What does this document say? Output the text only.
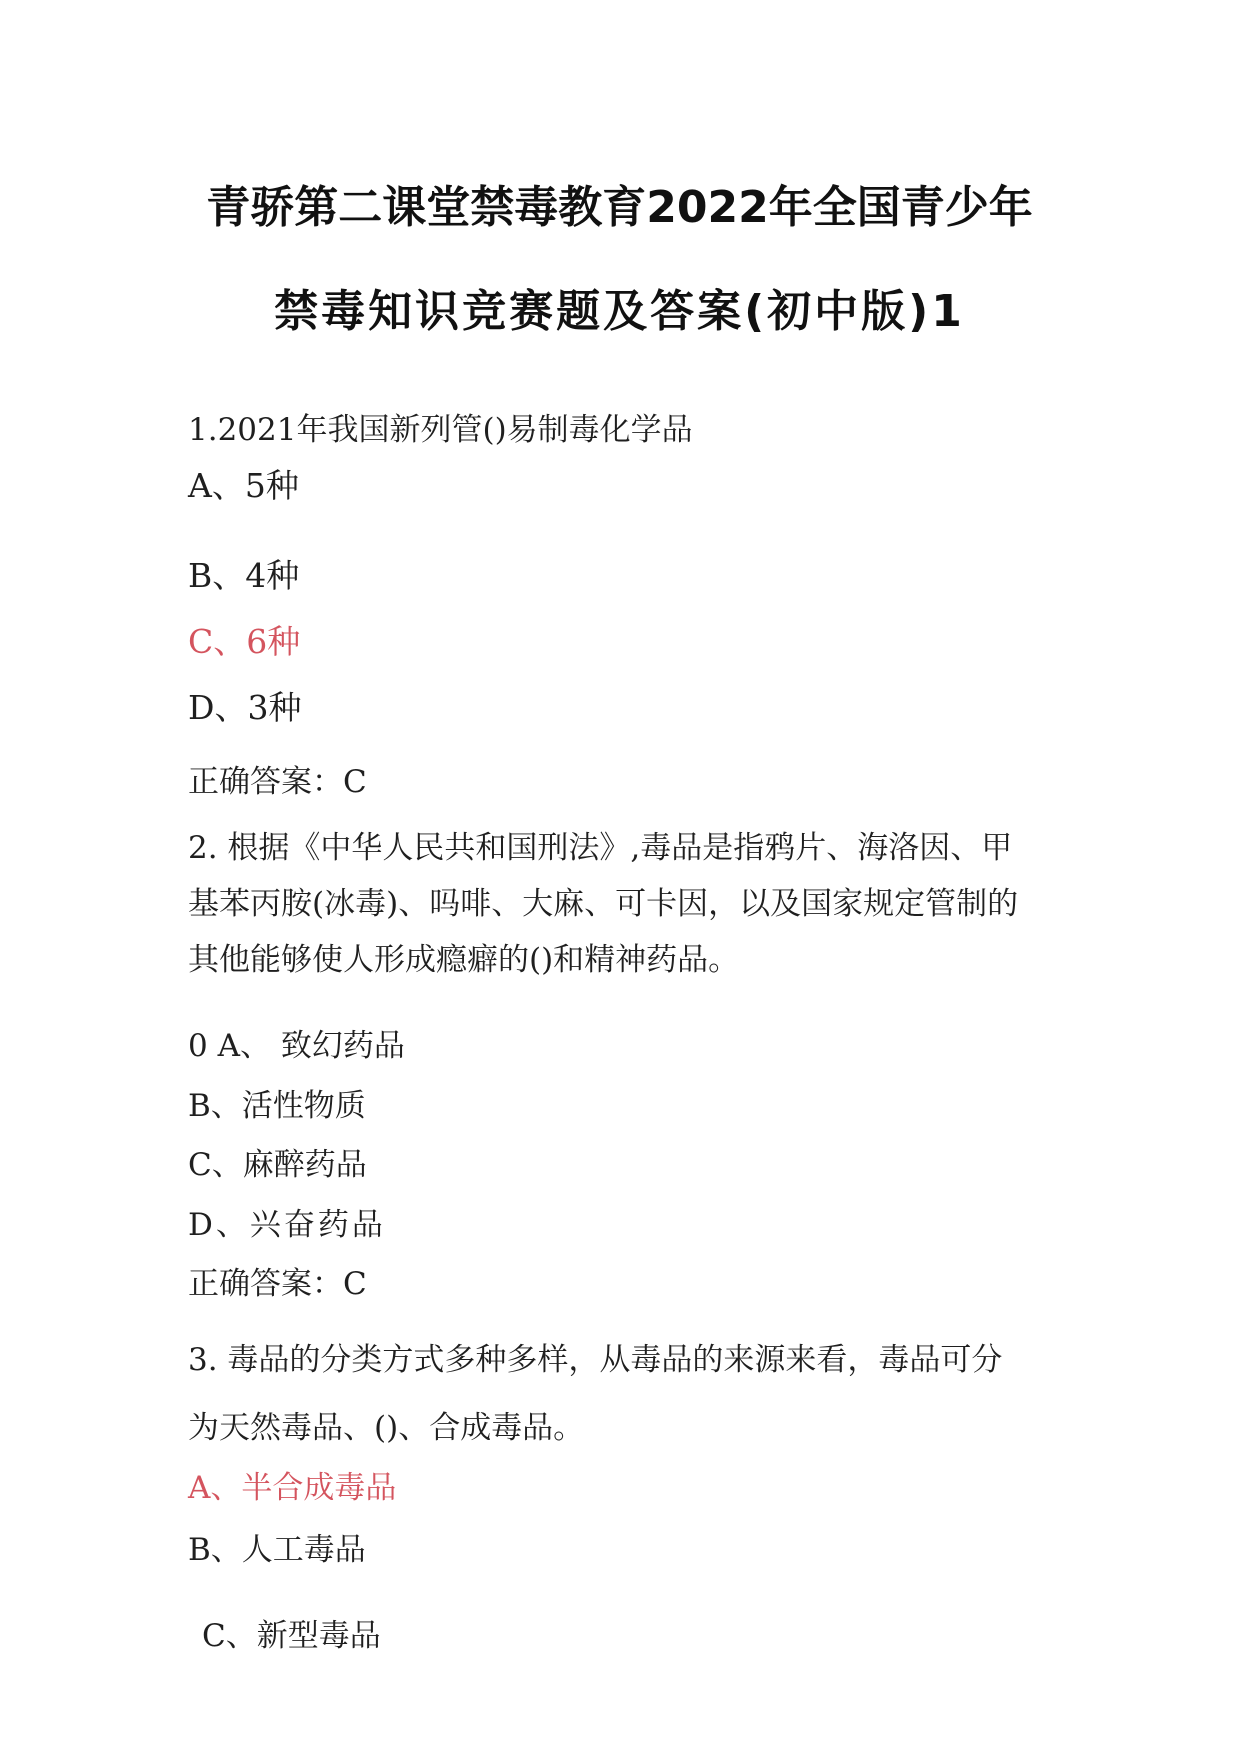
青骄第二课堂禁毒教育2022年全国青少年
禁毒知识竞赛题及答案(初中版)1
1.2021年我国新列管()易制毒化学品
A、5种
B、4种
C、6种
D、3种
正确答案：C
2. 根据《中华人民共和国刑法》,毒品是指鸦片、海洛因、甲
基苯丙胺(冰毒)、吗啡、大麻、可卡因，以及国家规定管制的
其他能够使人形成瘾癖的()和精神药品。
0 A、 致幻药品
B、活性物质
C、麻醉药品
D、兴奋药品
正确答案：C
3. 毒品的分类方式多种多样，从毒品的来源来看，毒品可分
为天然毒品、()、合成毒品。
A、半合成毒品
B、人工毒品
C、新型毒品
